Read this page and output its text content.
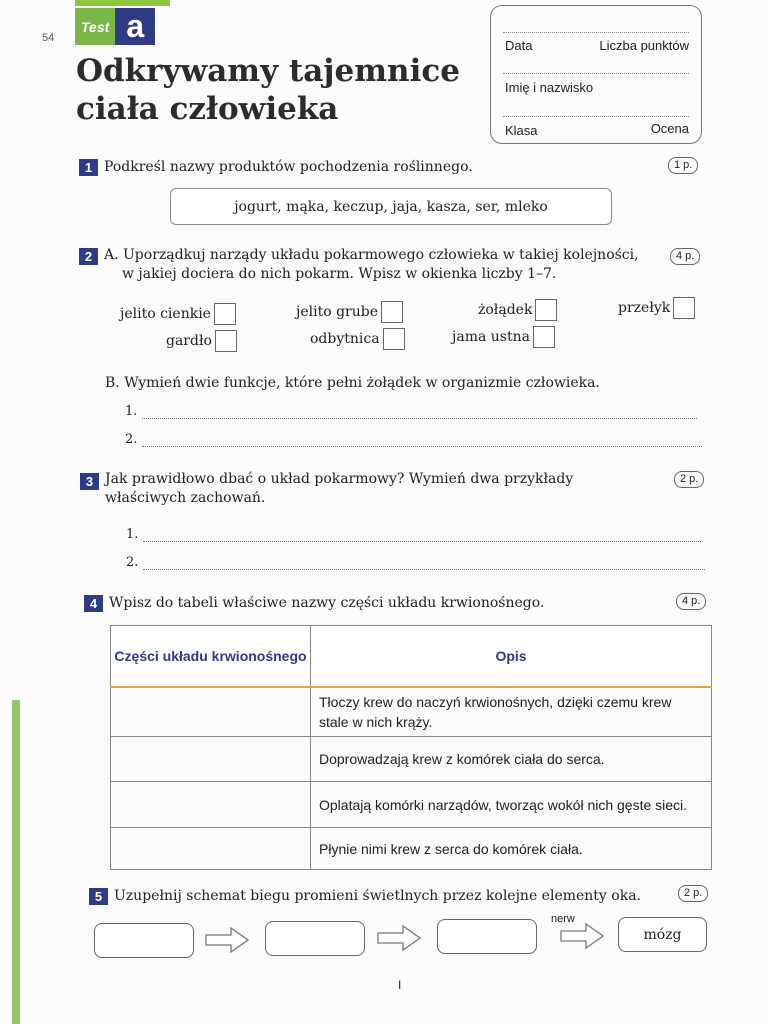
54
Test a
Odkrywamy tajemnice
ciała człowieka
Data	Liczba punktów
Imię i nazwisko
Klasa	Ocena
1 Podkreśl nazwy produktów pochodzenia roślinnego.	1 p.
jogurt, mąka, keczup, jaja, kasza, ser, mleko
2 A. Uporządkuj narządy układu pokarmowego człowieka w takiej kolejności,
w jakiej dociera do nich pokarm. Wpisz w okienka liczby 1–7.
4 p.
jelito cienkie	jelito grube	żołądek	przełyk
gardło	odbytnica	jama ustna
B. Wymień dwie funkcje, które pełni żołądek w organizmie człowieka.
1.
2.
3 Jak prawidłowo dbać o układ pokarmowy? Wymień dwa przykłady
właściwych zachowań.
2 p.
1.
2.
4 Wpisz do tabeli właściwe nazwy części układu krwionośnego.	4 p.
Części układu krwionośnego	Opis
	Tłoczy krew do naczyń krwionośnych, dzięki czemu krew stale w nich krąży.
	Doprowadzają krew z komórek ciała do serca.
	Oplatają komórki narządów, tworząc wokół nich gęste sieci.
	Płynie nimi krew z serca do komórek ciała.
5 Uzupełnij schemat biegu promieni świetlnych przez kolejne elementy oka.	2 p.
nerw
mózg
I
